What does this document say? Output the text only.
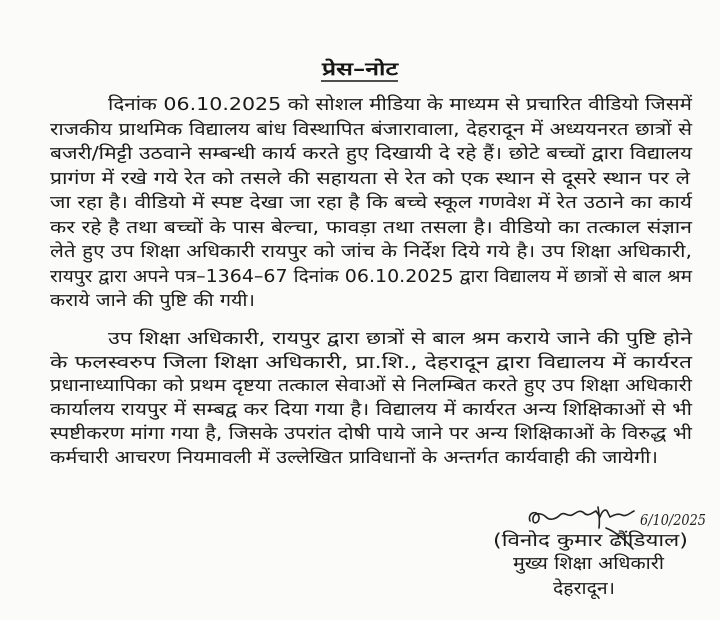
प्रेस–नोट
दिनांक 06.10.2025 को सोशल मीडिया के माध्यम से प्रचारित वीडियो जिसमें
राजकीय प्राथमिक विद्यालय बांध विस्थापित बंजारावाला, देहरादून में अध्ययनरत छात्रों से
बजरी/मिट्टी उठवाने सम्बन्धी कार्य करते हुए दिखायी दे रहे हैं। छोटे बच्चों द्वारा विद्यालय
प्रागंण में रखे गये रेत को तसले की सहायता से रेत को एक स्थान से दूसरे स्थान पर ले
जा रहा है। वीडियो में स्पष्ट देखा जा रहा है कि बच्चे स्कूल गणवेश में रेत उठाने का कार्य
कर रहे है तथा बच्चों के पास बेल्चा, फावड़ा तथा तसला है। वीडियो का तत्काल संज्ञान
लेते हुए उप शिक्षा अधिकारी रायपुर को जांच के निर्देश दिये गये है। उप शिक्षा अधिकारी,
रायपुर द्वारा अपने पत्र–1364–67 दिनांक 06.10.2025 द्वारा विद्यालय में छात्रों से बाल श्रम
कराये जाने की पुष्टि की गयी।
उप शिक्षा अधिकारी, रायपुर द्वारा छात्रों से बाल श्रम कराये जाने की पुष्टि होने
के फलस्वरुप जिला शिक्षा अधिकारी, प्रा.शि., देहरादून द्वारा विद्यालय में कार्यरत
प्रधानाध्यापिका को प्रथम दृष्टया तत्काल सेवाओं से निलम्बित करते हुए उप शिक्षा अधिकारी
कार्यालय रायपुर में सम्बद्व कर दिया गया है। विद्यालय में कार्यरत अन्य शिक्षिकाओं से भी
स्पष्टीकरण मांगा गया है, जिसके उपरांत दोषी पाये जाने पर अन्य शिक्षिकाओं के विरुद्ध भी
कर्मचारी आचरण नियमावली में उल्लेखित प्राविधानों के अन्तर्गत कार्यवाही की जायेगी।
6/10/2025
(विनोद कुमार ढौंडियाल)
मुख्य शिक्षा अधिकारी
देहरादून।
